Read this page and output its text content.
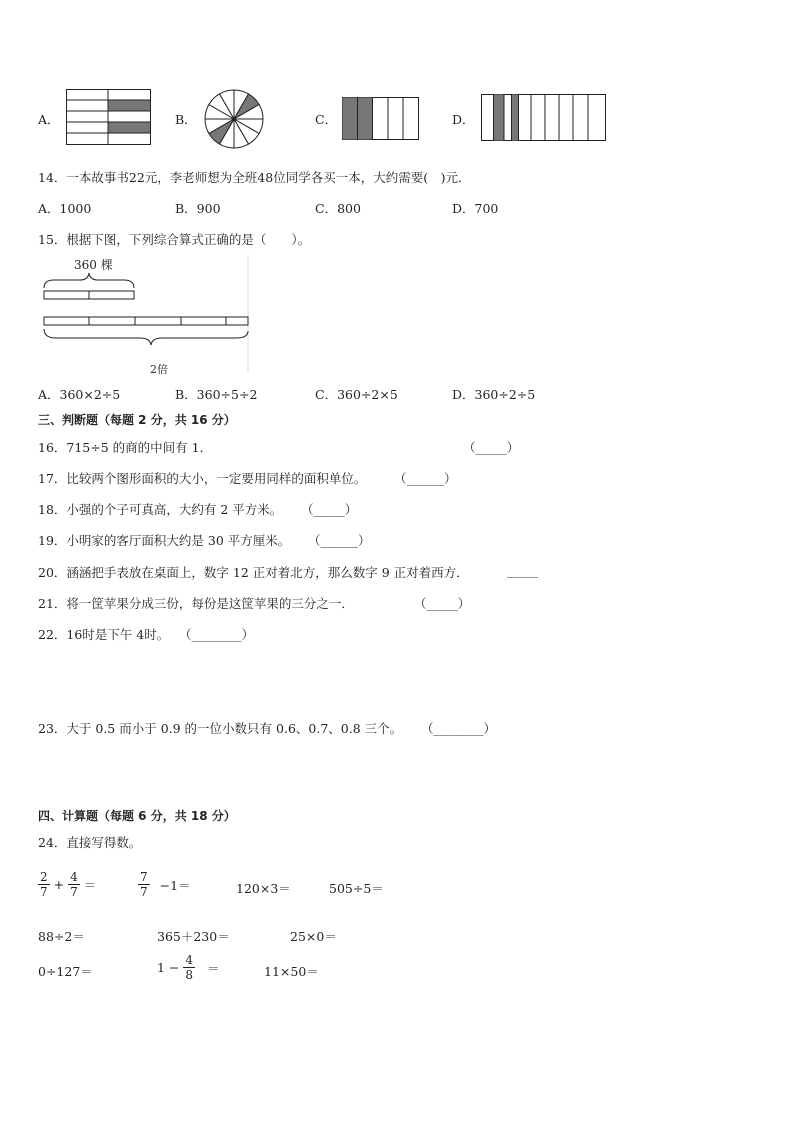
A．	B．	C．	D．
14．一本故事书22元，李老师想为全班48位同学各买一本，大约需要(　)元．
A．1000	B．900	C．800	D．700
15．根据下图，下列综合算式正确的是（　　）。
360 棵
2倍
A．360×2÷5	B．360÷5÷2	C．360÷2×5	D．360÷2÷5
三、判断题（每题 2 分，共 16 分）
16．715÷5 的商的中间有 1．	（_____）
17．比较两个图形面积的大小，一定要用同样的面积单位。 （______）
18．小强的个子可真高，大约有 2 平方米。 （_____）
19．小明家的客厅面积大约是 30 平方厘米。 （______）
20．涵涵把手表放在桌面上，数字 12 正对着北方，那么数字 9 正对着西方．	_____
21．将一筐苹果分成三份，每份是这筐苹果的三分之一．	（_____）
22．16时是下午 4时。 （________）
23．大于 0.5 而小于 0.9 的一位小数只有 0.6、0.7、0.8 三个。 （________）
四、计算题（每题 6 分，共 18 分）
24．直接写得数。
$\frac{2}{7} + \frac{4}{7}$ ＝	$\frac{7}{7} -1=$	120×3＝	505÷5＝
88÷2＝	365＋230＝	25×0＝
0÷127＝	$1 - \frac{4}{8}$ ＝	11×50＝
